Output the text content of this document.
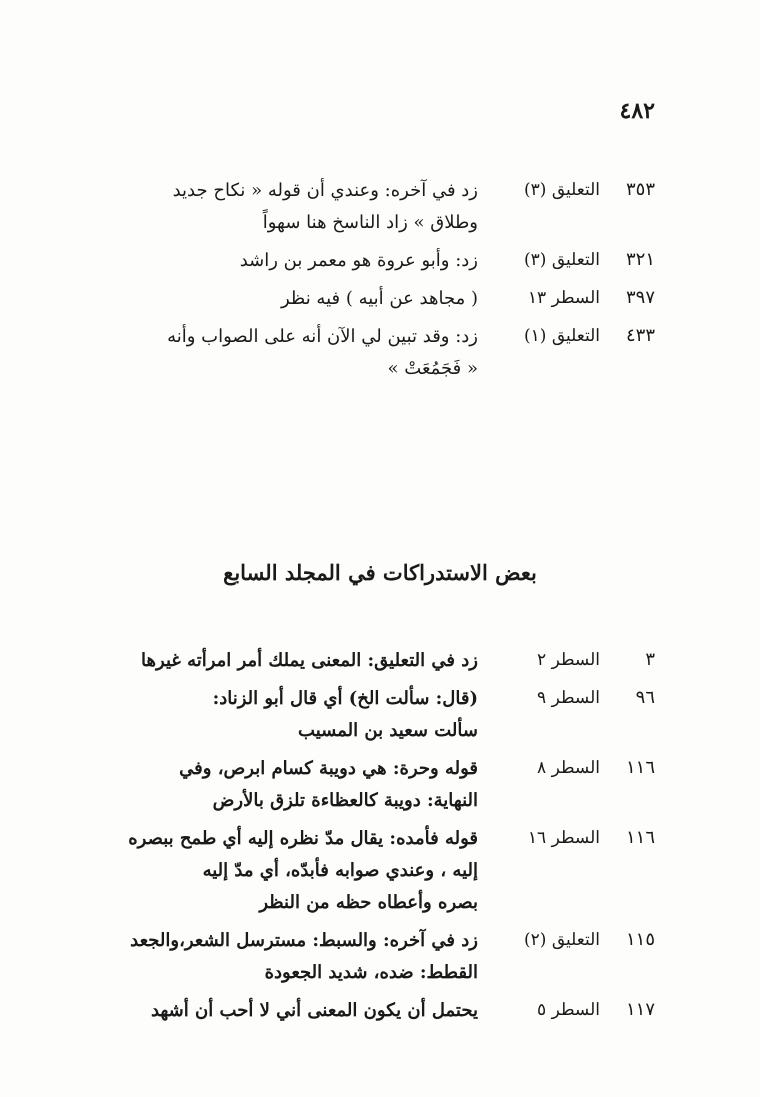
٤٨٢
٣٥٣
التعليق (٣)
زد في آخره: وعندي أن قوله « نكاح جديد
وطلاق » زاد الناسخ هنا سهواً
٣٢١
التعليق (٣)
زد: وأبو عروة هو معمر بن راشد
٣٩٧
السطر ١٣
( مجاهد عن أبيه ) فيه نظر
٤٣٣
التعليق (١)
زد: وقد تبين لي الآن أنه على الصواب وأنه
« فَجَمُعَتْ »
بعض الاستدراكات في المجلد السابع
٣
السطر ٢
زد في التعليق: المعنى يملك أمر امرأته غيرها
٩٦
السطر ٩
(قال: سألت الخ) أي قال أبو الزناد:
سألت سعيد بن المسيب
١١٦
السطر ٨
قوله وحرة: هي دويبة كسام ابرص، وفي
النهاية: دويبة كالعظاءة تلزق بالأرض
١١٦
السطر ١٦
قوله فأمده: يقال مدّ نظره إليه أي طمح ببصره
إليه ، وعندي صوابه فأبدّه، أي مدّ إليه
بصره وأعطاه حظه من النظر
١١٥
التعليق (٢)
زد في آخره: والسبط: مسترسل الشعر،والجعد
القطط: ضده، شديد الجعودة
١١٧
السطر ٥
يحتمل أن يكون المعنى أني لا أحب أن أشهد
